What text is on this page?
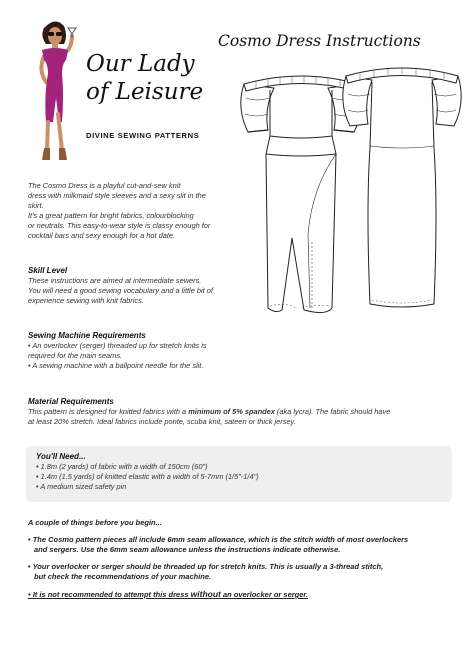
Our Lady
of Leisure
DIVINE SEWING PATTERNS
Cosmo Dress Instructions
The Cosmo Dress is a playful cut-and-sew knit
dress with milkmaid style sleeves and a sexy slit in the
skirt.
It's a great pattern for bright fabrics, colourblocking
or neutrals. This easy-to-wear style is classy enough for
cocktail bars and sexy enough for a hot date.
Skill Level
These instructions are aimed at intermediate sewers.
You will need a good sewing vocabulary and a little bit of
experience sewing with knit fabrics.
Sewing Machine Requirements
• An overlocker (serger) threaded up for stretch knits is
required for the main seams.
• A sewing machine with a ballpoint needle for the slit.
Material Requirements
This pattern is designed for knitted fabrics with a minimum of 5% spandex (aka lycra). The fabric should have
at least 20% stretch. Ideal fabrics include ponte, scuba knit, sateen or thick jersey.
You'll Need...
• 1.8m (2 yards) of fabric with a width of 150cm (60")
• 1.4m (1.5 yards) of knitted elastic with a width of 5-7mm (1/5"-1/4")
• A medium sized safety pin
A couple of things before you begin...
• The Cosmo pattern pieces all include 6mm seam allowance, which is the stitch width of most overlockers
and sergers. Use the 6mm seam allowance unless the instructions indicate otherwise.
• Your overlocker or serger should be threaded up for stretch knits. This is usually a 3-thread stitch,
but check the recommendations of your machine.
• It is not recommended to attempt this dress without an overlocker or serger.
